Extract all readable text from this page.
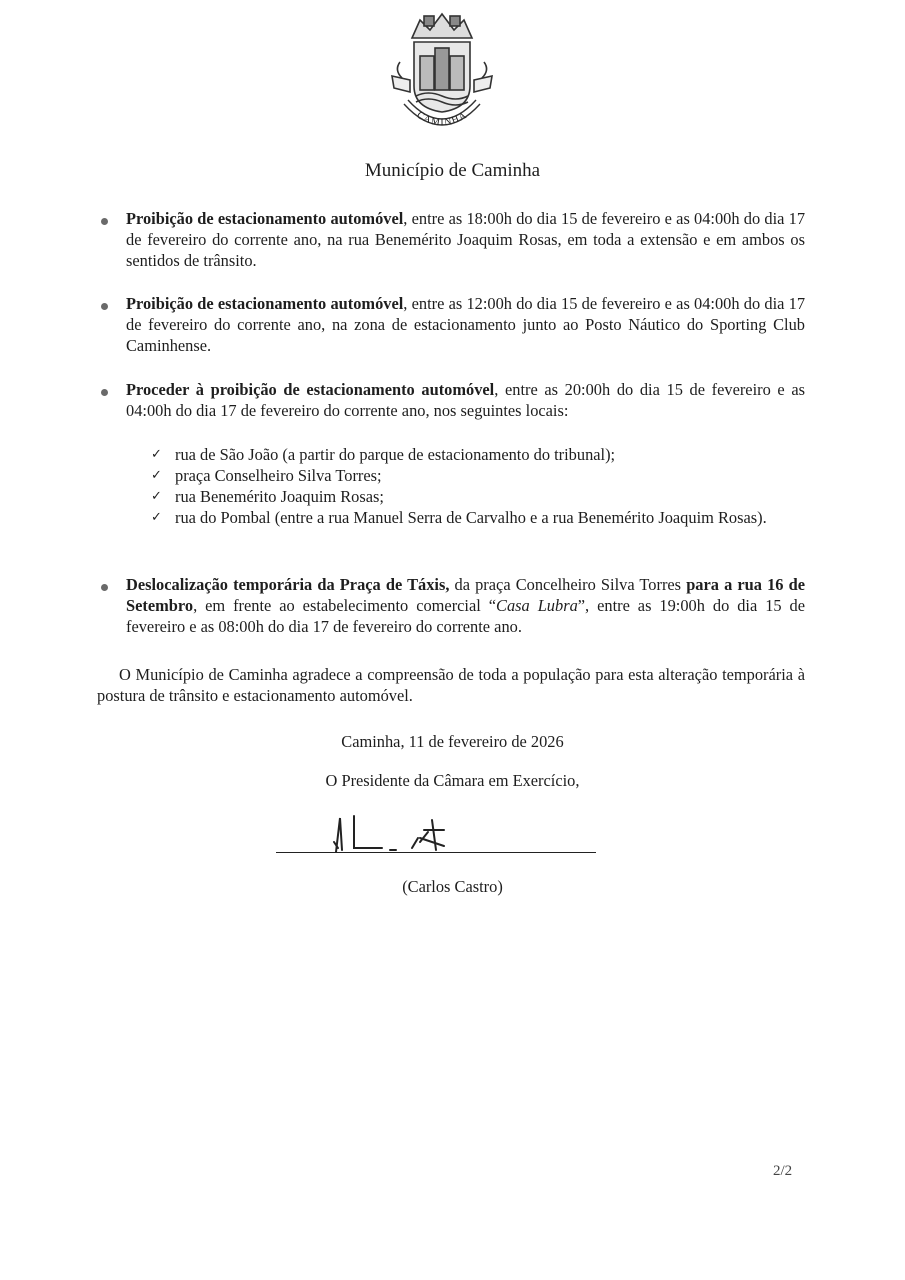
CAMINHA
Município de Caminha
Proibição de estacionamento automóvel, entre as 18:00h do dia 15 de fevereiro e as 04:00h do dia 17 de fevereiro do corrente ano, na rua Benemérito Joaquim Rosas, em toda a extensão e em ambos os sentidos de trânsito.
Proibição de estacionamento automóvel, entre as 12:00h do dia 15 de fevereiro e as 04:00h do dia 17 de fevereiro do corrente ano, na zona de estacionamento junto ao Posto Náutico do Sporting Club Caminhense.
Proceder à proibição de estacionamento automóvel, entre as 20:00h do dia 15 de fevereiro e as 04:00h do dia 17 de fevereiro do corrente ano, nos seguintes locais:
✓ rua de São João (a partir do parque de estacionamento do tribunal);
✓ praça Conselheiro Silva Torres;
✓ rua Benemérito Joaquim Rosas;
✓ rua do Pombal (entre a rua Manuel Serra de Carvalho e a rua Benemérito Joaquim Rosas).
Deslocalização temporária da Praça de Táxis, da praça Concelheiro Silva Torres para a rua 16 de Setembro, em frente ao estabelecimento comercial “Casa Lubra”, entre as 19:00h do dia 15 de fevereiro e as 08:00h do dia 17 de fevereiro do corrente ano.
O Município de Caminha agradece a compreensão de toda a população para esta alteração temporária à postura de trânsito e estacionamento automóvel.
Caminha, 11 de fevereiro de 2026
O Presidente da Câmara em Exercício,
(Carlos Castro)
2/2
